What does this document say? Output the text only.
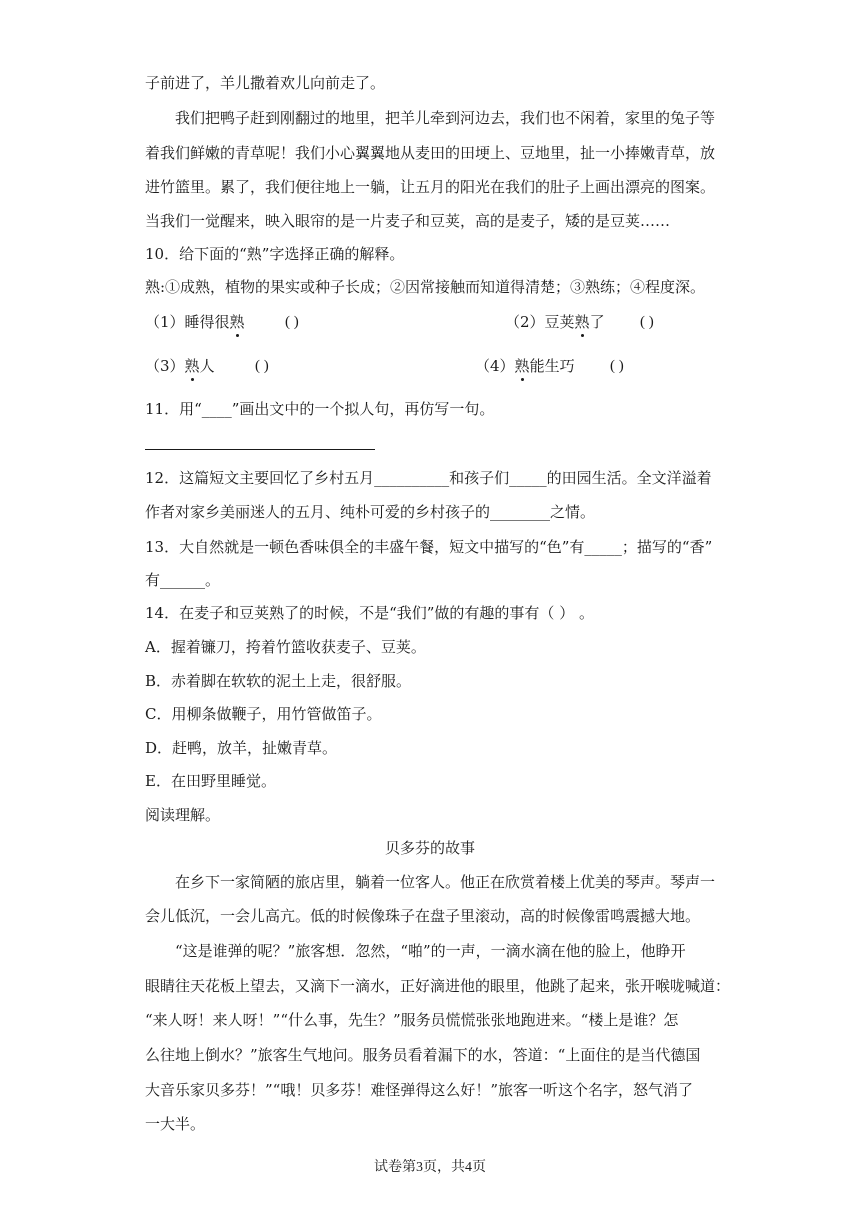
子前进了，羊儿撒着欢儿向前走了。
我们把鸭子赶到刚翻过的地里，把羊儿牵到河边去，我们也不闲着，家里的兔子等
着我们鲜嫩的青草呢！我们小心翼翼地从麦田的田埂上、豆地里，扯一小捧嫩青草，放
进竹篮里。累了，我们便往地上一躺，让五月的阳光在我们的肚子上画出漂亮的图案。
当我们一觉醒来，映入眼帘的是一片麦子和豆荚，高的是麦子，矮的是豆荚……
10．给下面的“熟”字选择正确的解释。
熟:①成熟，植物的果实或种子长成；②因常接触而知道得清楚；③熟练；④程度深。
（1）睡得很熟	( )	（2）豆荚熟了 ( )
（3）熟人	( )	（4）熟能生巧 ( )
11．用“____”画出文中的一个拟人句，再仿写一句。
12．这篇短文主要回忆了乡村五月__________和孩子们_____的田园生活。全文洋溢着
作者对家乡美丽迷人的五月、纯朴可爱的乡村孩子的________之情。
13．大自然就是一顿色香味俱全的丰盛午餐，短文中描写的“色”有_____；描写的“香”
有______。
14．在麦子和豆荚熟了的时候，不是“我们”做的有趣的事有（ ） 。
A．握着镰刀，挎着竹篮收获麦子、豆荚。
B．赤着脚在软软的泥土上走，很舒服。
C．用柳条做鞭子，用竹管做笛子。
D．赶鸭，放羊，扯嫩青草。
E．在田野里睡觉。
阅读理解。
贝多芬的故事
在乡下一家简陋的旅店里，躺着一位客人。他正在欣赏着楼上优美的琴声。琴声一
会儿低沉，一会儿高亢。低的时候像珠子在盘子里滚动，高的时候像雷鸣震撼大地。
“这是谁弹的呢？”旅客想．忽然，“啪”的一声，一滴水滴在他的脸上，他睁开
眼睛往天花板上望去，又滴下一滴水，正好滴进他的眼里，他跳了起来，张开喉咙喊道：
“来人呀！来人呀！”“什么事，先生？”服务员慌慌张张地跑进来。“楼上是谁？怎
么往地上倒水？”旅客生气地问。服务员看着漏下的水，答道：“上面住的是当代德国
大音乐家贝多芬！”“哦！贝多芬！难怪弹得这么好！”旅客一听这个名字，怒气消了
一大半。
试卷第3页，共4页
